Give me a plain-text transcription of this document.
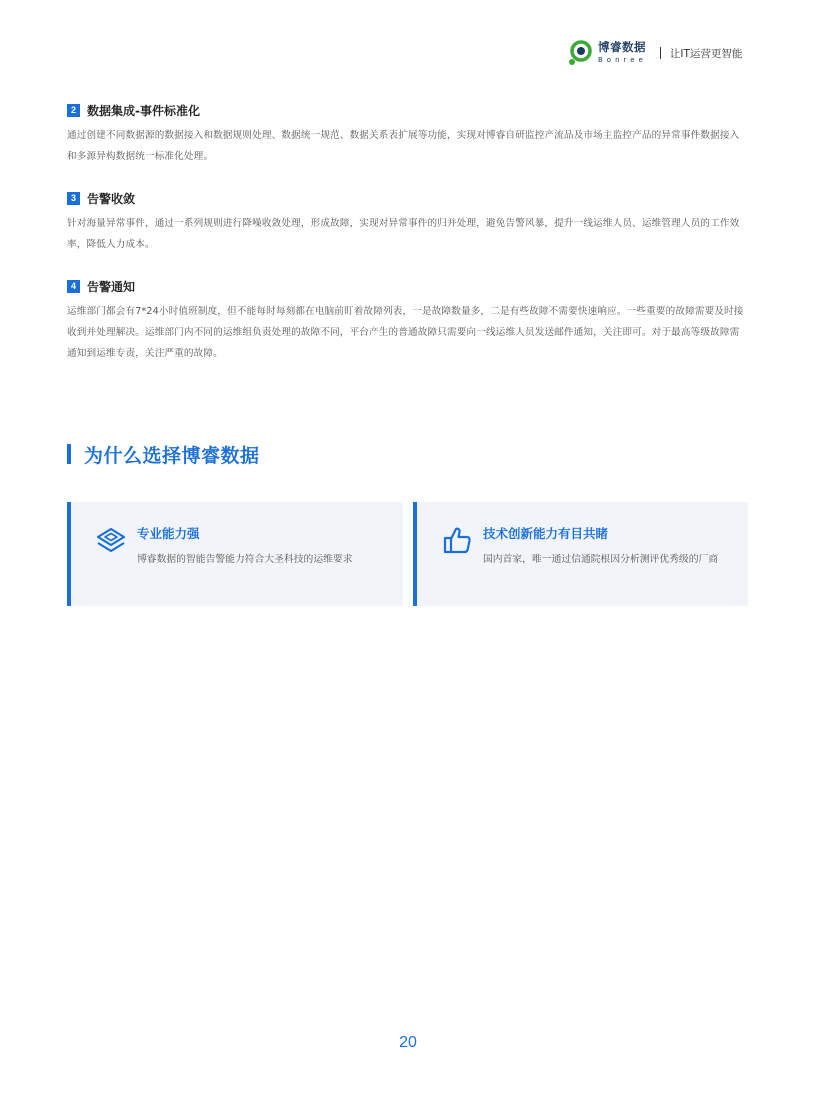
博睿数据
Bonree
让IT运营更智能
2 数据集成-事件标准化

通过创建不同数据源的数据接入和数据规则处理、数据统一规范、数据关系表扩展等功能，实现对博睿自研监控产流品及市场主监控产品的异常事件数据接入和多源异构数据统一标准化处理。

3 告警收敛

针对海量异常事件，通过一系列规则进行降噪收敛处理，形成故障，实现对异常事件的归并处理，避免告警风暴，提升一线运维人员、运维管理人员的工作效率，降低人力成本。

4 告警通知

运维部门都会有7*24小时值班制度，但不能每时每刻都在电脑前盯着故障列表，一是故障数量多，二是有些故障不需要快速响应。一些重要的故障需要及时接收到并处理解决。运维部门内不同的运维组负责处理的故障不同，平台产生的普通故障只需要向一线运维人员发送邮件通知，关注即可。对于最高等级故障需通知到运维专责，关注严重的故障。

为什么选择博睿数据
专业能力强

博睿数据的智能告警能力符合大圣科技的运维要求

技术创新能力有目共睹

国内首家，唯一通过信通院根因分析测评优秀级的厂商

20
